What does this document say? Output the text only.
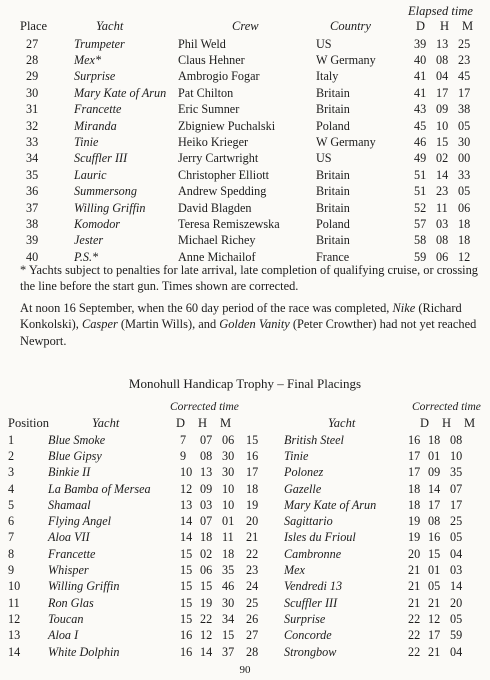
Elapsed time
Place	Yacht	Crew	Country	D H M
27	Trumpeter	Phil Weld	US	39	13	25
28	Mex*	Claus Hehner	W Germany	40	08	23
29	Surprise	Ambrogio Fogar	Italy	41	04	45
30	Mary Kate of Arun	Pat Chilton	Britain	41	17	17
31	Francette	Eric Sumner	Britain	43	09	38
32	Miranda	Zbigniew Puchalski	Poland	45	10	05
33	Tinie	Heiko Krieger	W Germany	46	15	30
34	Scuffler III	Jerry Cartwright	US	49	02	00
35	Lauric	Christopher Elliott	Britain	51	14	33
36	Summersong	Andrew Spedding	Britain	51	23	05
37	Willing Griffin	David Blagden	Britain	52	11	06
38	Komodor	Teresa Remiszewska	Poland	57	03	18
39	Jester	Michael Richey	Britain	58	08	18
40	P.S.*	Anne Michailof	France	59	06	12

* Yachts subject to penalties for late arrival, late completion of qualifying cruise, or crossing the line before the start gun. Times shown are corrected.

At noon 16 September, when the 60 day period of the race was completed, Nike (Richard Konkolski), Casper (Martin Wills), and Golden Vanity (Peter Crowther) had not yet reached Newport.

Monohull Handicap Trophy – Final Placings
Corrected time	Corrected time
Position	Yacht	D H M	Yacht	D H M
1	Blue Smoke	7	07	06	15	British Steel	16	18	08
2	Blue Gipsy	9	08	30	16	Tinie	17	01	10
3	Binkie II	10	13	30	17	Polonez	17	09	35
4	La Bamba of Mersea	12	09	10	18	Gazelle	18	14	07
5	Shamaal	13	03	10	19	Mary Kate of Arun	18	17	17
6	Flying Angel	14	07	01	20	Sagittario	19	08	25
7	Aloa VII	14	18	11	21	Isles du Frioul	19	16	05
8	Francette	15	02	18	22	Cambronne	20	15	04
9	Whisper	15	06	35	23	Mex	21	01	03
10	Willing Griffin	15	15	46	24	Vendredi 13	21	05	14
11	Ron Glas	15	19	30	25	Scuffler III	21	21	20
12	Toucan	15	22	34	26	Surprise	22	12	05
13	Aloa I	16	12	15	27	Concorde	22	17	59
14	White Dolphin	16	14	37	28	Strongbow	22	21	04
90
